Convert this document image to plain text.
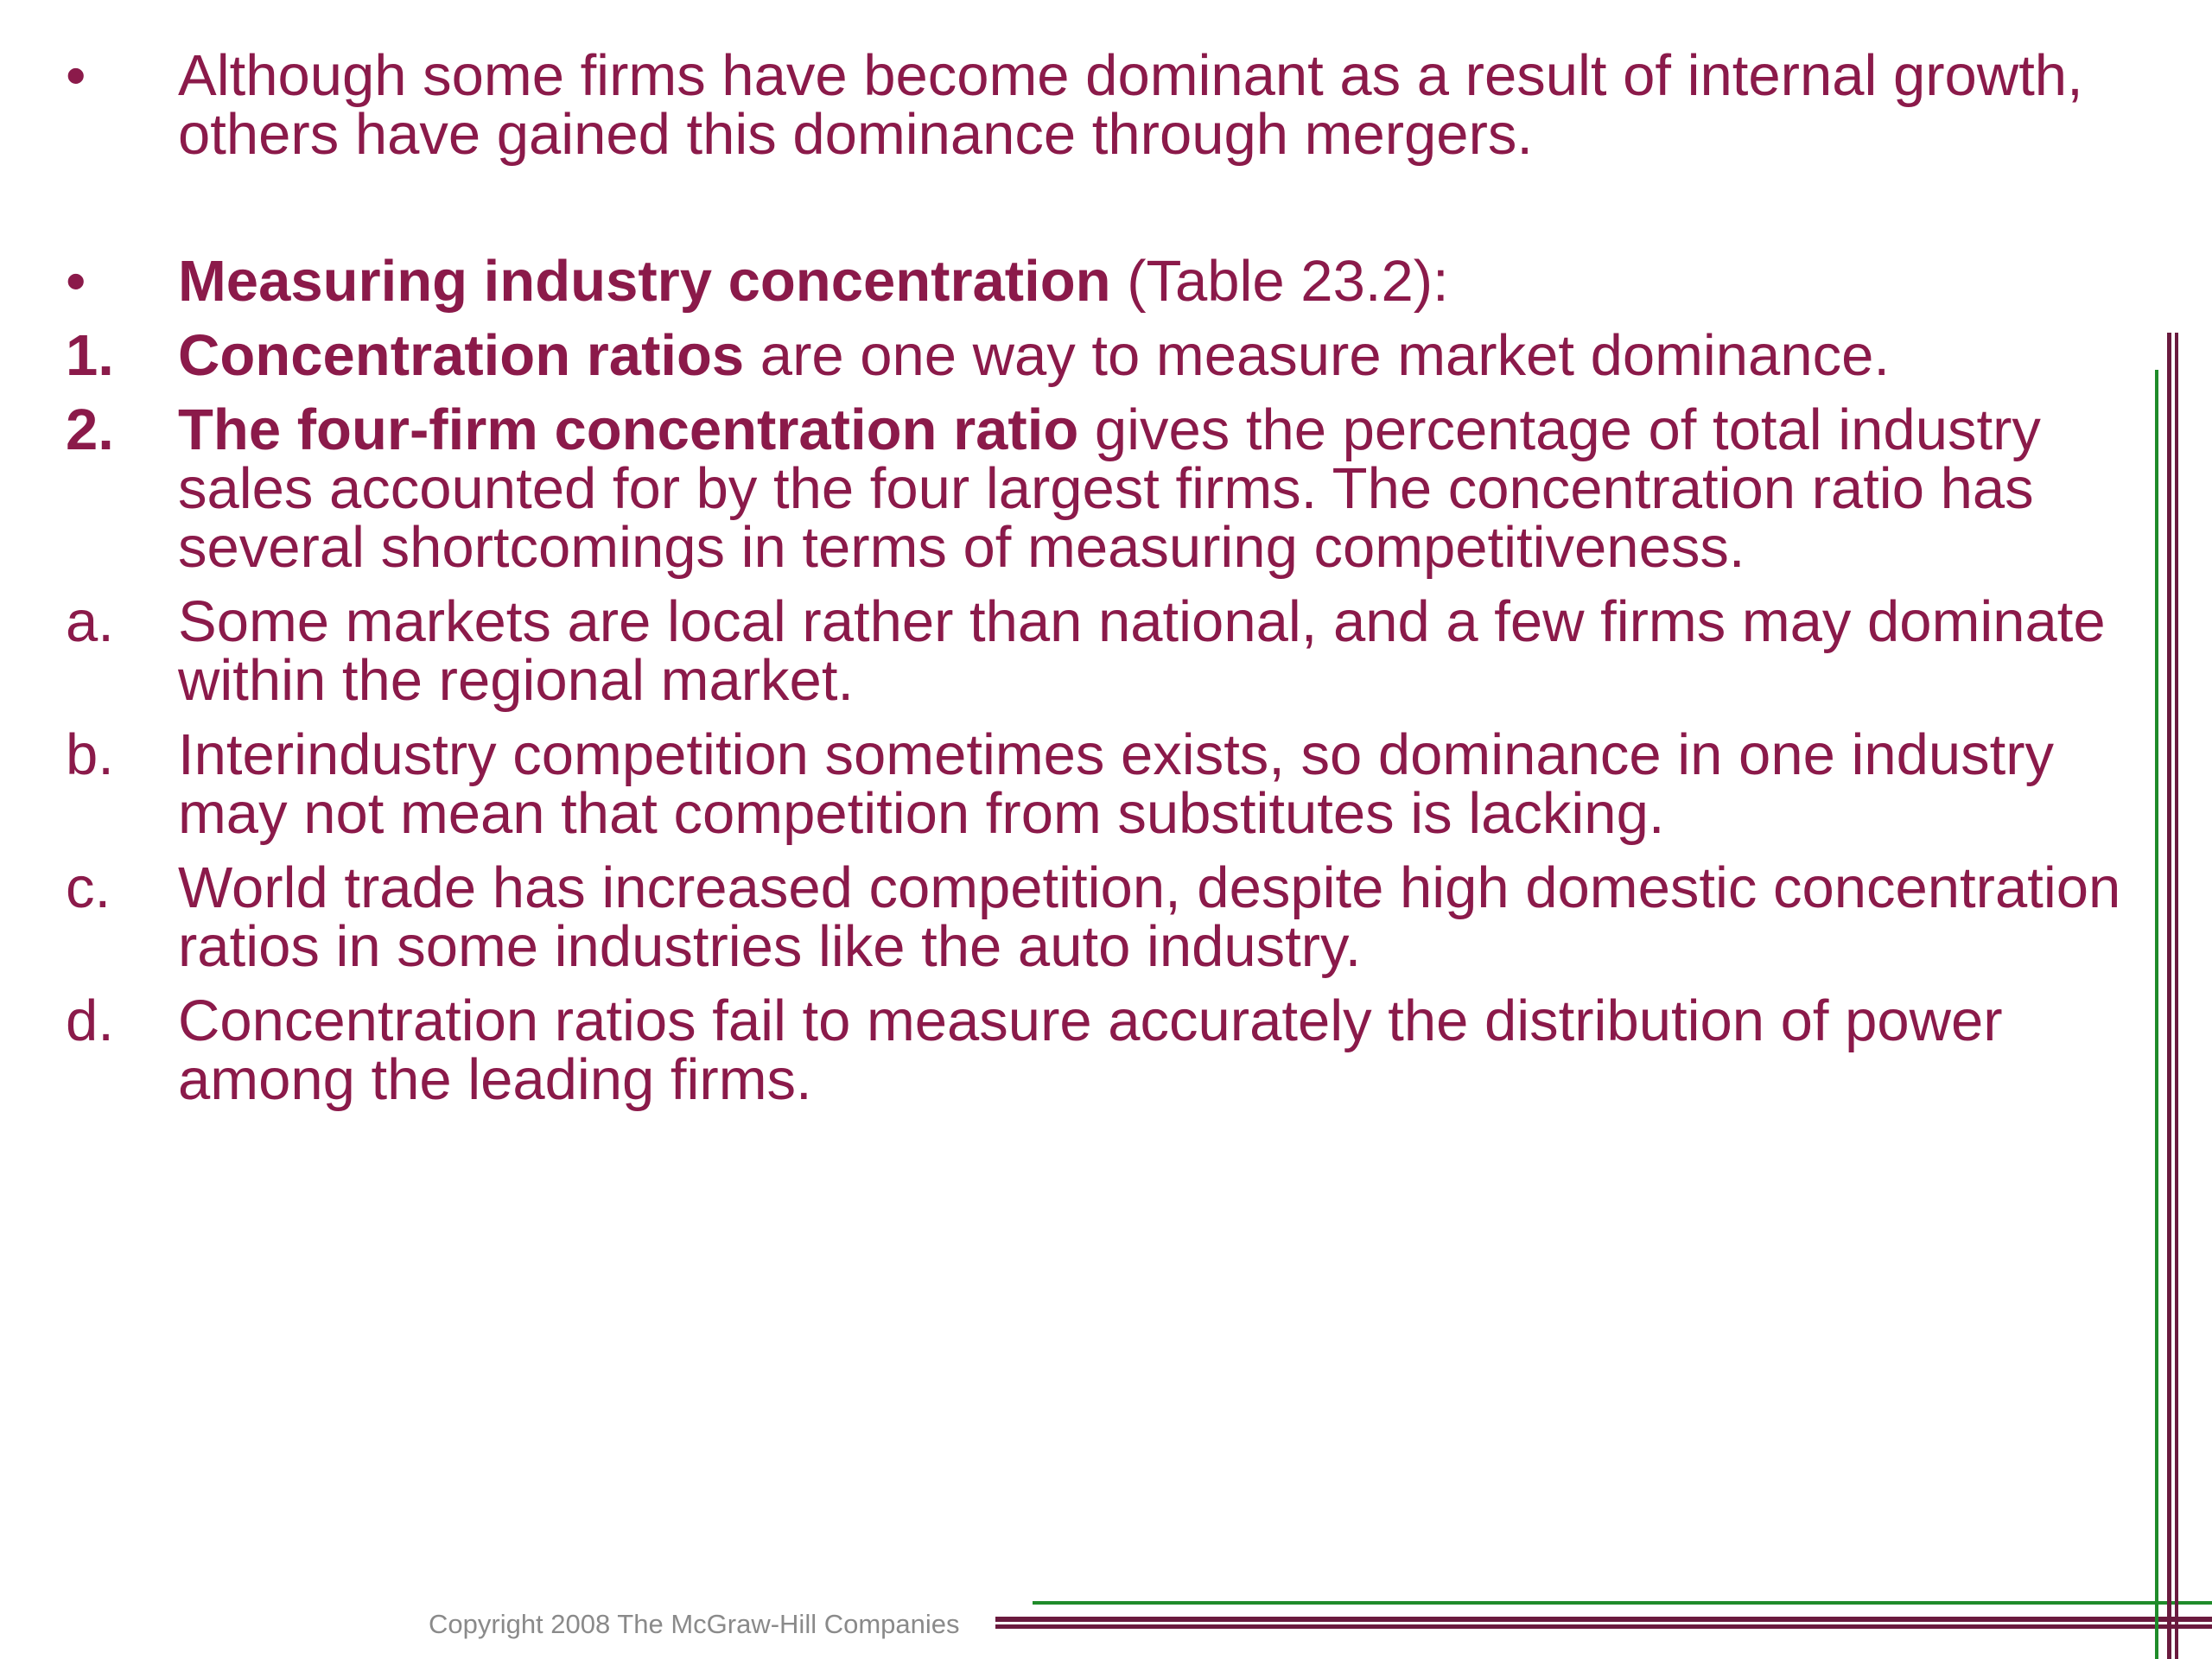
• Although some firms have become dominant as a result of internal growth, others have gained this dominance through mergers.
• Measuring industry concentration (Table 23.2):
1. Concentration ratios are one way to measure market dominance.
2. The four-firm concentration ratio gives the percentage of total industry sales accounted for by the four largest firms. The concentration ratio has several shortcomings in terms of measuring competitiveness.
a. Some markets are local rather than national, and a few firms may dominate within the regional market.
b. Interindustry competition sometimes exists, so dominance in one industry may not mean that competition from substitutes is lacking.
c. World trade has increased competition, despite high domestic concentration ratios in some industries like the auto industry.
d. Concentration ratios fail to measure accurately the distribution of power among the leading firms.
Copyright 2008 The McGraw-Hill Companies
